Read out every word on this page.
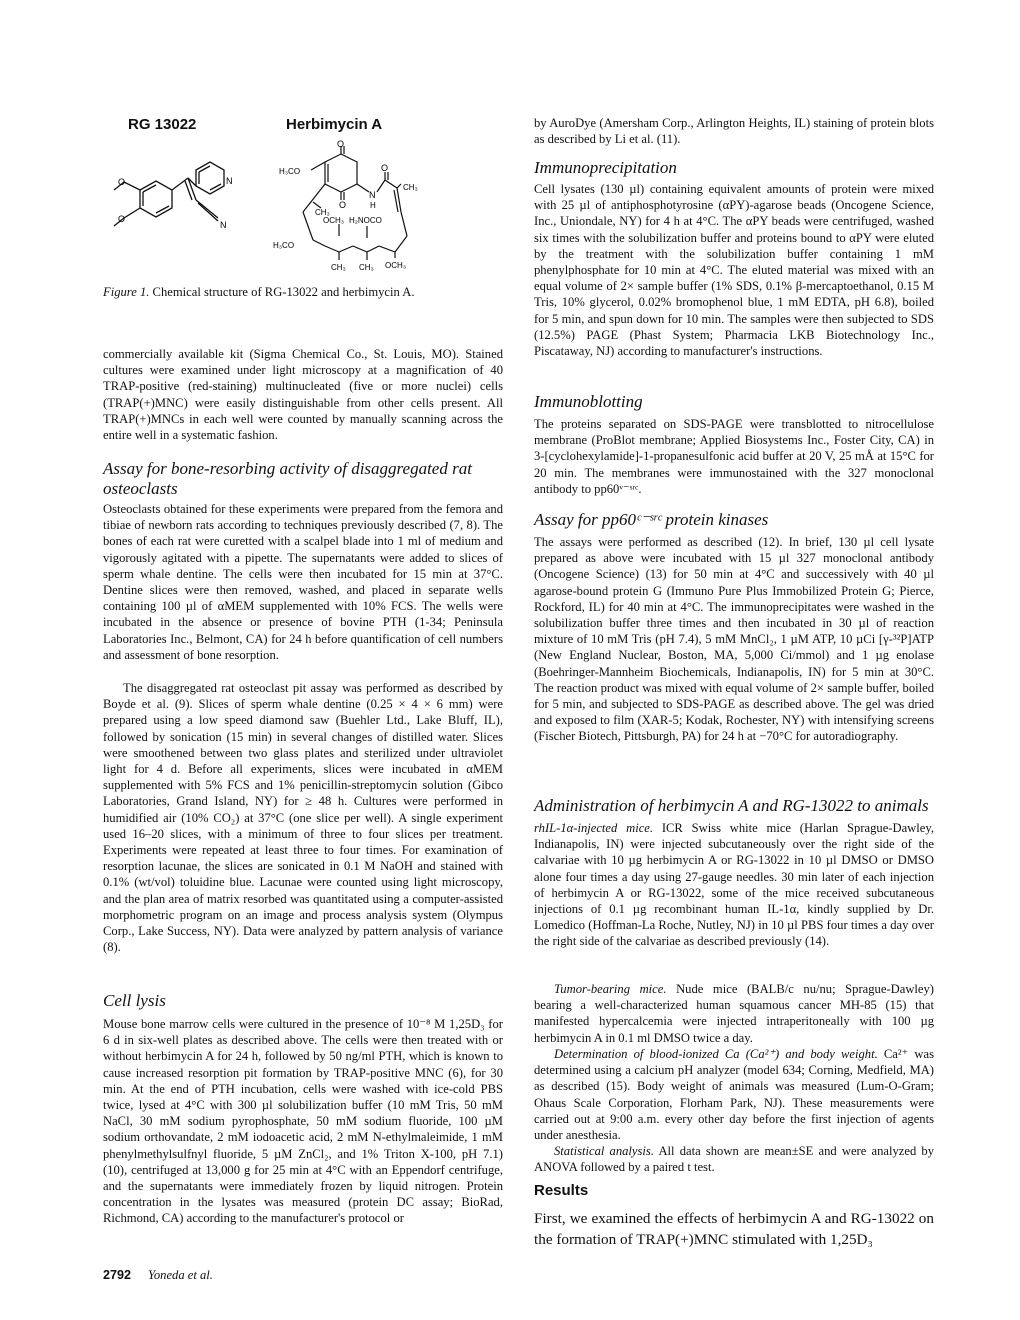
RG 13022	Herbimycin A
O
O
N
N
O
H₃CO
CH₃
N
H
CH₃
O
O
OCH₃ H₂NOCO
H₃CO
CH₃ CH₃ OCH₃
Figure 1. Chemical structure of RG-13022 and herbimycin A.
commercially available kit (Sigma Chemical Co., St. Louis, MO). Stained cultures were examined under light microscopy at a magnification of 40 TRAP-positive (red-staining) multinucleated (five or more nuclei) cells (TRAP(+)MNC) were easily distinguishable from other cells present. All TRAP(+)MNCs in each well were counted by manually scanning across the entire well in a systematic fashion.
Assay for bone-resorbing activity of disaggregated rat osteoclasts
Osteoclasts obtained for these experiments were prepared from the femora and tibiae of newborn rats according to techniques previously described (7, 8). The bones of each rat were curetted with a scalpel blade into 1 ml of medium and vigorously agitated with a pipette. The supernatants were added to slices of sperm whale dentine. The cells were then incubated for 15 min at 37°C. Dentine slices were then removed, washed, and placed in separate wells containing 100 µl of αMEM supplemented with 10% FCS. The wells were incubated in the absence or presence of bovine PTH (1-34; Peninsula Laboratories Inc., Belmont, CA) for 24 h before quantification of cell numbers and assessment of bone resorption.
The disaggregated rat osteoclast pit assay was performed as described by Boyde et al. (9). Slices of sperm whale dentine (0.25 × 4 × 6 mm) were prepared using a low speed diamond saw (Buehler Ltd., Lake Bluff, IL), followed by sonication (15 min) in several changes of distilled water. Slices were smoothened between two glass plates and sterilized under ultraviolet light for 4 d. Before all experiments, slices were incubated in αMEM supplemented with 5% FCS and 1% penicillin-streptomycin solution (Gibco Laboratories, Grand Island, NY) for ≥ 48 h. Cultures were performed in humidified air (10% CO₂) at 37°C (one slice per well). A single experiment used 16–20 slices, with a minimum of three to four slices per treatment. Experiments were repeated at least three to four times. For examination of resorption lacunae, the slices are sonicated in 0.1 M NaOH and stained with 0.1% (wt/vol) toluidine blue. Lacunae were counted using light microscopy, and the plan area of matrix resorbed was quantitated using a computer-assisted morphometric program on an image and process analysis system (Olympus Corp., Lake Success, NY). Data were analyzed by pattern analysis of variance (8).
Cell lysis
Mouse bone marrow cells were cultured in the presence of 10⁻⁸ M 1,25D₃ for 6 d in six-well plates as described above. The cells were then treated with or without herbimycin A for 24 h, followed by 50 ng/ml PTH, which is known to cause increased resorption pit formation by TRAP-positive MNC (6), for 30 min. At the end of PTH incubation, cells were washed with ice-cold PBS twice, lysed at 4°C with 300 µl solubilization buffer (10 mM Tris, 50 mM NaCl, 30 mM sodium pyrophosphate, 50 mM sodium fluoride, 100 µM sodium orthovandate, 2 mM iodoacetic acid, 2 mM N-ethylmaleimide, 1 mM phenylmethylsulfnyl fluoride, 5 µM ZnCl₂, and 1% Triton X-100, pH 7.1) (10), centrifuged at 13,000 g for 25 min at 4°C with an Eppendorf centrifuge, and the supernatants were immediately frozen by liquid nitrogen. Protein concentration in the lysates was measured (protein DC assay; BioRad, Richmond, CA) according to the manufacturer's protocol or
by AuroDye (Amersham Corp., Arlington Heights, IL) staining of protein blots as described by Li et al. (11).
Immunoprecipitation
Cell lysates (130 µl) containing equivalent amounts of protein were mixed with 25 µl of antiphosphotyrosine (αPY)-agarose beads (Oncogene Science, Inc., Uniondale, NY) for 4 h at 4°C. The αPY beads were centrifuged, washed six times with the solubilization buffer and proteins bound to αPY were eluted by the treatment with the solubilization buffer containing 1 mM phenylphosphate for 10 min at 4°C. The eluted material was mixed with an equal volume of 2× sample buffer (1% SDS, 0.1% β-mercaptoethanol, 0.15 M Tris, 10% glycerol, 0.02% bromophenol blue, 1 mM EDTA, pH 6.8), boiled for 5 min, and spun down for 10 min. The samples were then subjected to SDS (12.5%) PAGE (Phast System; Pharmacia LKB Biotechnology Inc., Piscataway, NJ) according to manufacturer's instructions.
Immunoblotting
The proteins separated on SDS-PAGE were transblotted to nitrocellulose membrane (ProBlot membrane; Applied Biosystems Inc., Foster City, CA) in 3-[cyclohexylamide]-1-propanesulfonic acid buffer at 20 V, 25 mÅ at 15°C for 20 min. The membranes were immunostained with the 327 monoclonal antibody to pp60ᵛ⁻ˢʳᶜ.
Assay for pp60ᶜ⁻ˢʳᶜ protein kinases
The assays were performed as described (12). In brief, 130 µl cell lysate prepared as above were incubated with 15 µl 327 monoclonal antibody (Oncogene Science) (13) for 50 min at 4°C and successively with 40 µl agarose-bound protein G (Immuno Pure Plus Immobilized Protein G; Pierce, Rockford, IL) for 40 min at 4°C. The immunoprecipitates were washed in the solubilization buffer three times and then incubated in 30 µl of reaction mixture of 10 mM Tris (pH 7.4), 5 mM MnCl₂, 1 µM ATP, 10 µCi [γ-³²P]ATP (New England Nuclear, Boston, MA, 5,000 Ci/mmol) and 1 µg enolase (Boehringer-Mannheim Biochemicals, Indianapolis, IN) for 5 min at 30°C. The reaction product was mixed with equal volume of 2× sample buffer, boiled for 5 min, and subjected to SDS-PAGE as described above. The gel was dried and exposed to film (XAR-5; Kodak, Rochester, NY) with intensifying screens (Fischer Biotech, Pittsburgh, PA) for 24 h at −70°C for autoradiography.
Administration of herbimycin A and RG-13022 to animals
rhIL-1α-injected mice. ICR Swiss white mice (Harlan Sprague-Dawley, Indianapolis, IN) were injected subcutaneously over the right side of the calvariae with 10 µg herbimycin A or RG-13022 in 10 µl DMSO or DMSO alone four times a day using 27-gauge needles. 30 min later of each injection of herbimycin A or RG-13022, some of the mice received subcutaneous injections of 0.1 µg recombinant human IL-1α, kindly supplied by Dr. Lomedico (Hoffman-La Roche, Nutley, NJ) in 10 µl PBS four times a day over the right side of the calvariae as described previously (14).
Tumor-bearing mice. Nude mice (BALB/c nu/nu; Sprague-Dawley) bearing a well-characterized human squamous cancer MH-85 (15) that manifested hypercalcemia were injected intraperitoneally with 100 µg herbimycin A in 0.1 ml DMSO twice a day.
Determination of blood-ionized Ca (Ca²⁺) and body weight. Ca²⁺ was determined using a calcium pH analyzer (model 634; Corning, Medfield, MA) as described (15). Body weight of animals was measured (Lum-O-Gram; Ohaus Scale Corporation, Florham Park, NJ). These measurements were carried out at 9:00 a.m. every other day before the first injection of agents under anesthesia.
Statistical analysis. All data shown are mean±SE and were analyzed by ANOVA followed by a paired t test.
Results
First, we examined the effects of herbimycin A and RG-13022 on the formation of TRAP(+)MNC stimulated with 1,25D₃
2792 Yoneda et al.
